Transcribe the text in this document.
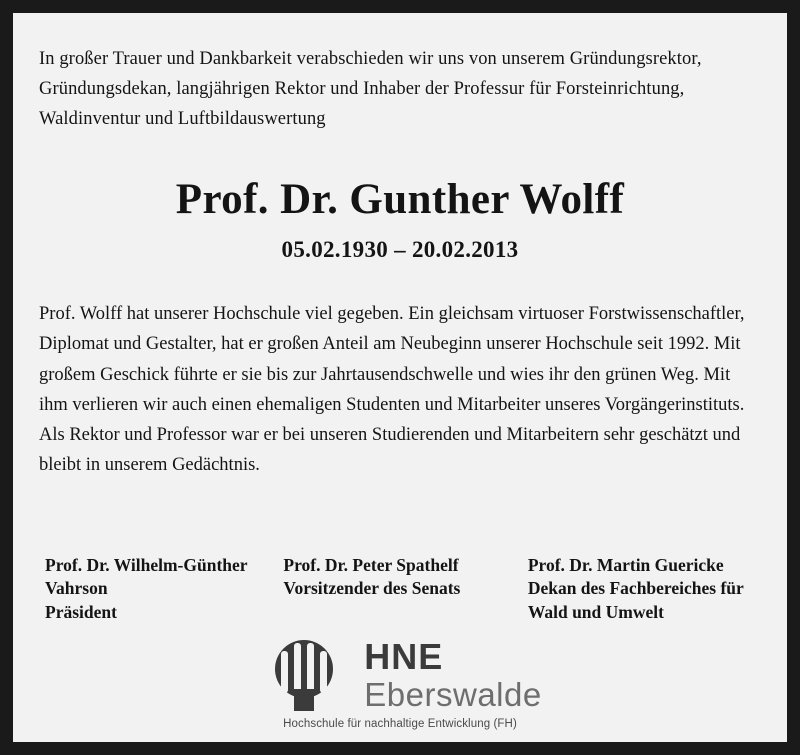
In großer Trauer und Dankbarkeit verabschieden wir uns von unserem Gründungsrektor, Gründungsdekan, langjährigen Rektor und Inhaber der Professur für Forsteinrichtung, Waldinventur und Luftbildauswertung

Prof. Dr. Gunther Wolff
05.02.1930 – 20.02.2013

Prof. Wolff hat unserer Hochschule viel gegeben. Ein gleichsam virtuoser Forstwissenschaftler, Diplomat und Gestalter, hat er großen Anteil am Neubeginn unserer Hochschule seit 1992. Mit großem Geschick führte er sie bis zur Jahrtausendschwelle und wies ihr den grünen Weg. Mit ihm verlieren wir auch einen ehemaligen Studenten und Mitarbeiter unseres Vorgängerinstituts. Als Rektor und Professor war er bei unseren Studierenden und Mitarbeitern sehr geschätzt und bleibt in unserem Gedächtnis.

Prof. Dr. Wilhelm-Günther Vahrson
Präsident
Prof. Dr. Peter Spathelf
Vorsitzender des Senats
Prof. Dr. Martin Guericke
Dekan des Fachbereiches für Wald und Umwelt
HNE
Eberswalde
Hochschule für nachhaltige Entwicklung (FH)
